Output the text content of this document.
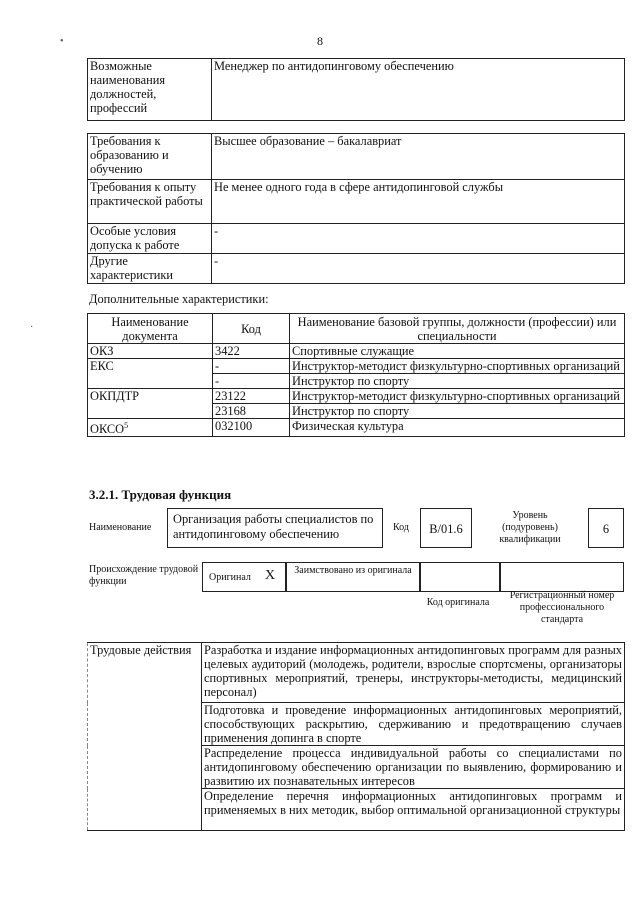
8
•
Возможные наименования должностей, профессий	Менеджер по антидопинговому обеспечению
Требования к образованию и обучению	Высшее образование – бакалавриат
Требования к опыту практической работы	Не менее одного года в сфере антидопинговой службы
Особые условия допуска к работе	-
Другие характеристики	-
Дополнительные характеристики:
·	Наименование документа	Код	Наименование базовой группы, должности (профессии) или специальности
ОКЗ	3422	Спортивные служащие
ЕКС	-	Инструктор-методист физкультурно-спортивных организаций
	-	Инструктор по спорту
ОКПДТР	23122	Инструктор-методист физкультурно-спортивных организаций
	23168	Инструктор по спорту
ОКСО$^5$	032100	Физическая культура
3.2.1. Трудовая функция
Наименование
Организация работы специалистов по антидопинговому обеспечению	Код	B/01.6
Уровень (подуровень) квалификации
6
Происхождение трудовой функции	Оригинал X Заимствовано из оригинала
Код оригинала
Регистрационный номер профессионального стандарта
Трудовые действия	Разработка и издание информационных антидопинговых программ для разных целевых аудиторий (молодежь, родители, взрослые спортсмены, организаторы спортивных мероприятий, тренеры, инструкторы-методисты, медицинский персонал)
Подготовка и проведение информационных антидопинговых мероприятий, способствующих раскрытию, сдерживанию и предотвращению случаев применения допинга в спорте
Распределение процесса индивидуальной работы со специалистами по антидопинговому обеспечению организации по выявлению, формированию и развитию их познавательных интересов
Определение перечня информационных антидопинговых программ и применяемых в них методик, выбор оптимальной организационной структуры
